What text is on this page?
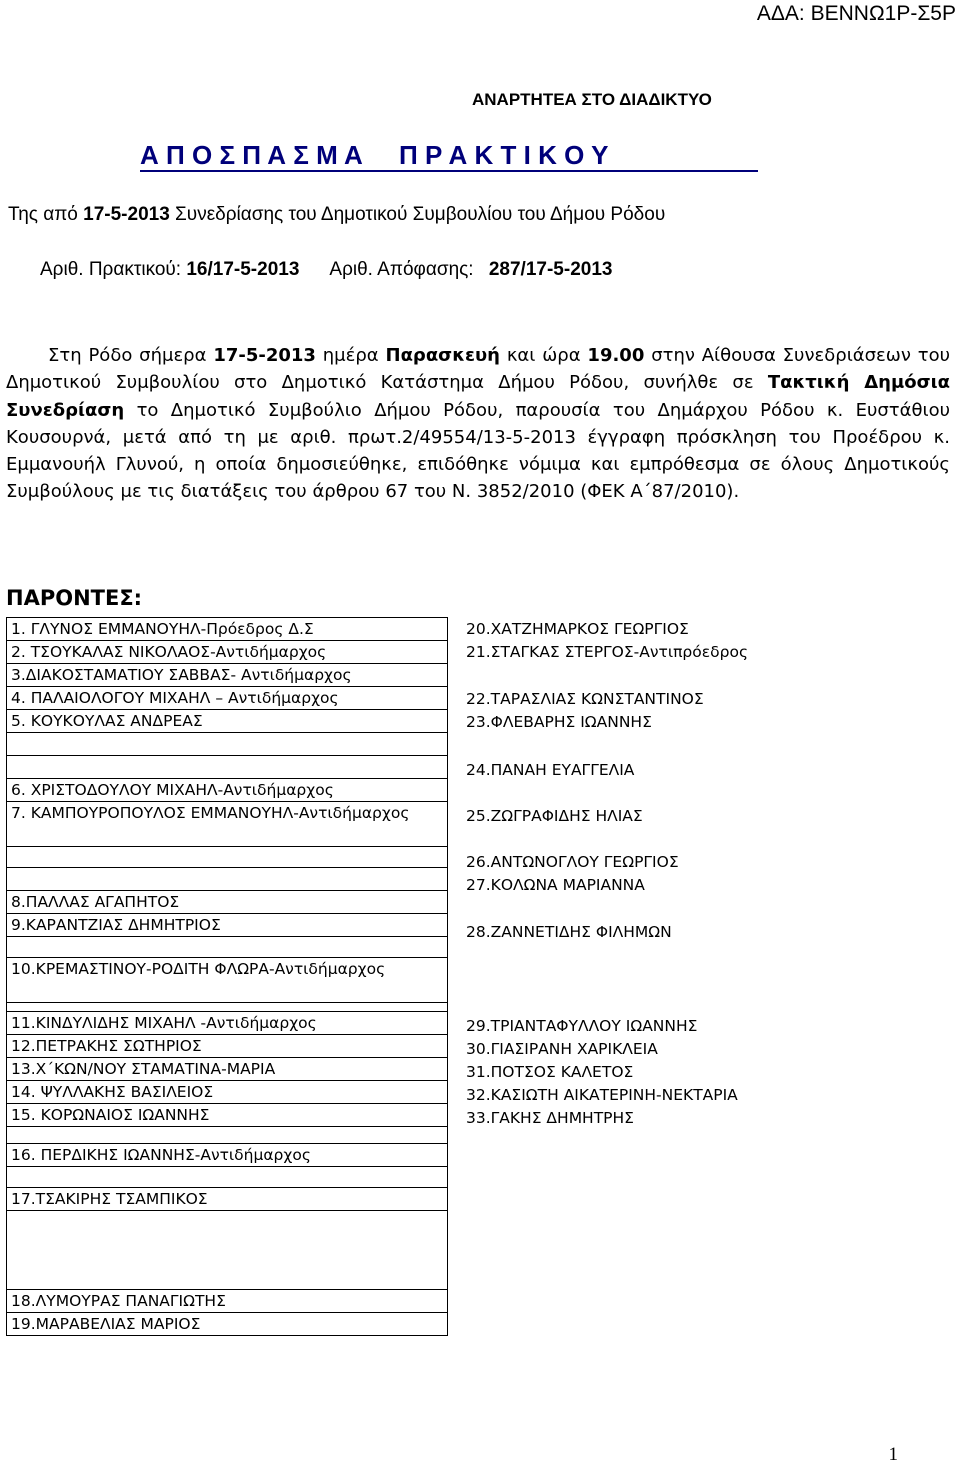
ΑΔΑ: ΒΕΝΝΩ1Ρ-Σ5Ρ
ΑΝΑΡΤΗΤΕΑ ΣΤΟ ΔΙΑΔΙΚΤΥΟ
Α Π Ο Σ Π Α Σ Μ Α     Π Ρ Α Κ Τ Ι Κ Ο Υ
Της από 17-5-2013 Συνεδρίασης του Δημοτικού Συμβουλίου του Δήμου Ρόδου
Αριθ. Πρακτικού: 16/17-5-2013 Αριθ. Απόφασης: 287/17-5-2013
Στη Ρόδο σήμερα 17-5-2013 ημέρα Παρασκευή και ώρα 19.00 στην Αίθουσα Συνεδριάσεων του Δημοτικού Συμβουλίου στο Δημοτικό Κατάστημα Δήμου Ρόδου, συνήλθε σε Τακτική Δημόσια Συνεδρίαση το Δημοτικό Συμβούλιο Δήμου Ρόδου, παρουσία του Δημάρχου Ρόδου κ. Ευστάθιου Κουσουρνά, μετά από τη με αριθ. πρωτ.2/49554/13-5-2013 έγγραφη πρόσκληση του Προέδρου κ. Εμμανουήλ Γλυνού, η οποία δημοσιεύθηκε, επιδόθηκε νόμιμα και εμπρόθεσμα σε όλους Δημοτικούς Συμβούλους με τις διατάξεις του άρθρου 67 του Ν. 3852/2010 (ΦΕΚ Α΄87/2010).
ΠΑΡΟΝΤΕΣ:
1. ΓΛΥΝΟΣ ΕΜΜΑΝΟΥΗΛ-Πρόεδρος Δ.Σ
2. ΤΣΟΥΚΑΛΑΣ ΝΙΚΟΛΑΟΣ-Αντιδήμαρχος
3.ΔΙΑΚΟΣΤΑΜΑΤΙΟΥ ΣΑΒΒΑΣ- Αντιδήμαρχος
4. ΠΑΛΑΙΟΛΟΓΟΥ ΜΙΧΑΗΛ – Αντιδήμαρχος
5. ΚΟΥΚΟΥΛΑΣ ΑΝΔΡΕΑΣ

6. ΧΡΙΣΤΟΔΟΥΛΟΥ ΜΙΧΑΗΛ-Αντιδήμαρχος
7. ΚΑΜΠΟΥΡΟΠΟΥΛΟΣ ΕΜΜΑΝΟΥΗΛ-Αντιδήμαρχος

8.ΠΑΛΛΑΣ ΑΓΑΠΗΤΟΣ
9.ΚΑΡΑΝΤΖΙΑΣ ΔΗΜΗΤΡΙΟΣ

10.ΚΡΕΜΑΣΤΙΝΟΥ-ΡΟΔΙΤΗ ΦΛΩΡΑ-Αντιδήμαρχος

11.ΚΙΝΔΥΛΙΔΗΣ ΜΙΧΑΗΛ -Αντιδήμαρχος
12.ΠΕΤΡΑΚΗΣ ΣΩΤΗΡΙΟΣ
13.Χ΄ΚΩΝ/ΝΟΥ ΣΤΑΜΑΤΙΝΑ-ΜΑΡΙΑ
14. ΨΥΛΛΑΚΗΣ ΒΑΣΙΛΕΙΟΣ
15. ΚΟΡΩΝΑΙΟΣ ΙΩΑΝΝΗΣ

16. ΠΕΡΔΙΚΗΣ ΙΩΑΝΝΗΣ-Αντιδήμαρχος

17.ΤΣΑΚΙΡΗΣ ΤΣΑΜΠΙΚΟΣ

18.ΛΥΜΟΥΡΑΣ ΠΑΝΑΓΙΩΤΗΣ
19.ΜΑΡΑΒΕΛΙΑΣ ΜΑΡΙΟΣ
20.ΧΑΤΖΗΜΑΡΚΟΣ ΓΕΩΡΓΙΟΣ
21.ΣΤΑΓΚΑΣ ΣΤΕΡΓΟΣ-Αντιπρόεδρος
22.ΤΑΡΑΣΛΙΑΣ ΚΩΝΣΤΑΝΤΙΝΟΣ
23.ΦΛΕΒΑΡΗΣ ΙΩΑΝΝΗΣ
24.ΠΑΝΑΗ ΕΥΑΓΓΕΛΙΑ
25.ΖΩΓΡΑΦΙΔΗΣ ΗΛΙΑΣ
26.ΑΝΤΩΝΟΓΛΟΥ ΓΕΩΡΓΙΟΣ
27.ΚΟΛΩΝΑ ΜΑΡΙΑΝΝΑ
28.ΖΑΝΝΕΤΙΔΗΣ ΦΙΛΗΜΩΝ
29.ΤΡΙΑΝΤΑΦΥΛΛΟΥ ΙΩΑΝΝΗΣ
30.ΓΙΑΣΙΡΑΝΗ ΧΑΡΙΚΛΕΙΑ
31.ΠΟΤΣΟΣ ΚΑΛΕΤΟΣ
32.ΚΑΣΙΩΤΗ ΑΙΚΑΤΕΡΙΝΗ-ΝΕΚΤΑΡΙΑ
33.ΓΑΚΗΣ ΔΗΜΗΤΡΗΣ
1
